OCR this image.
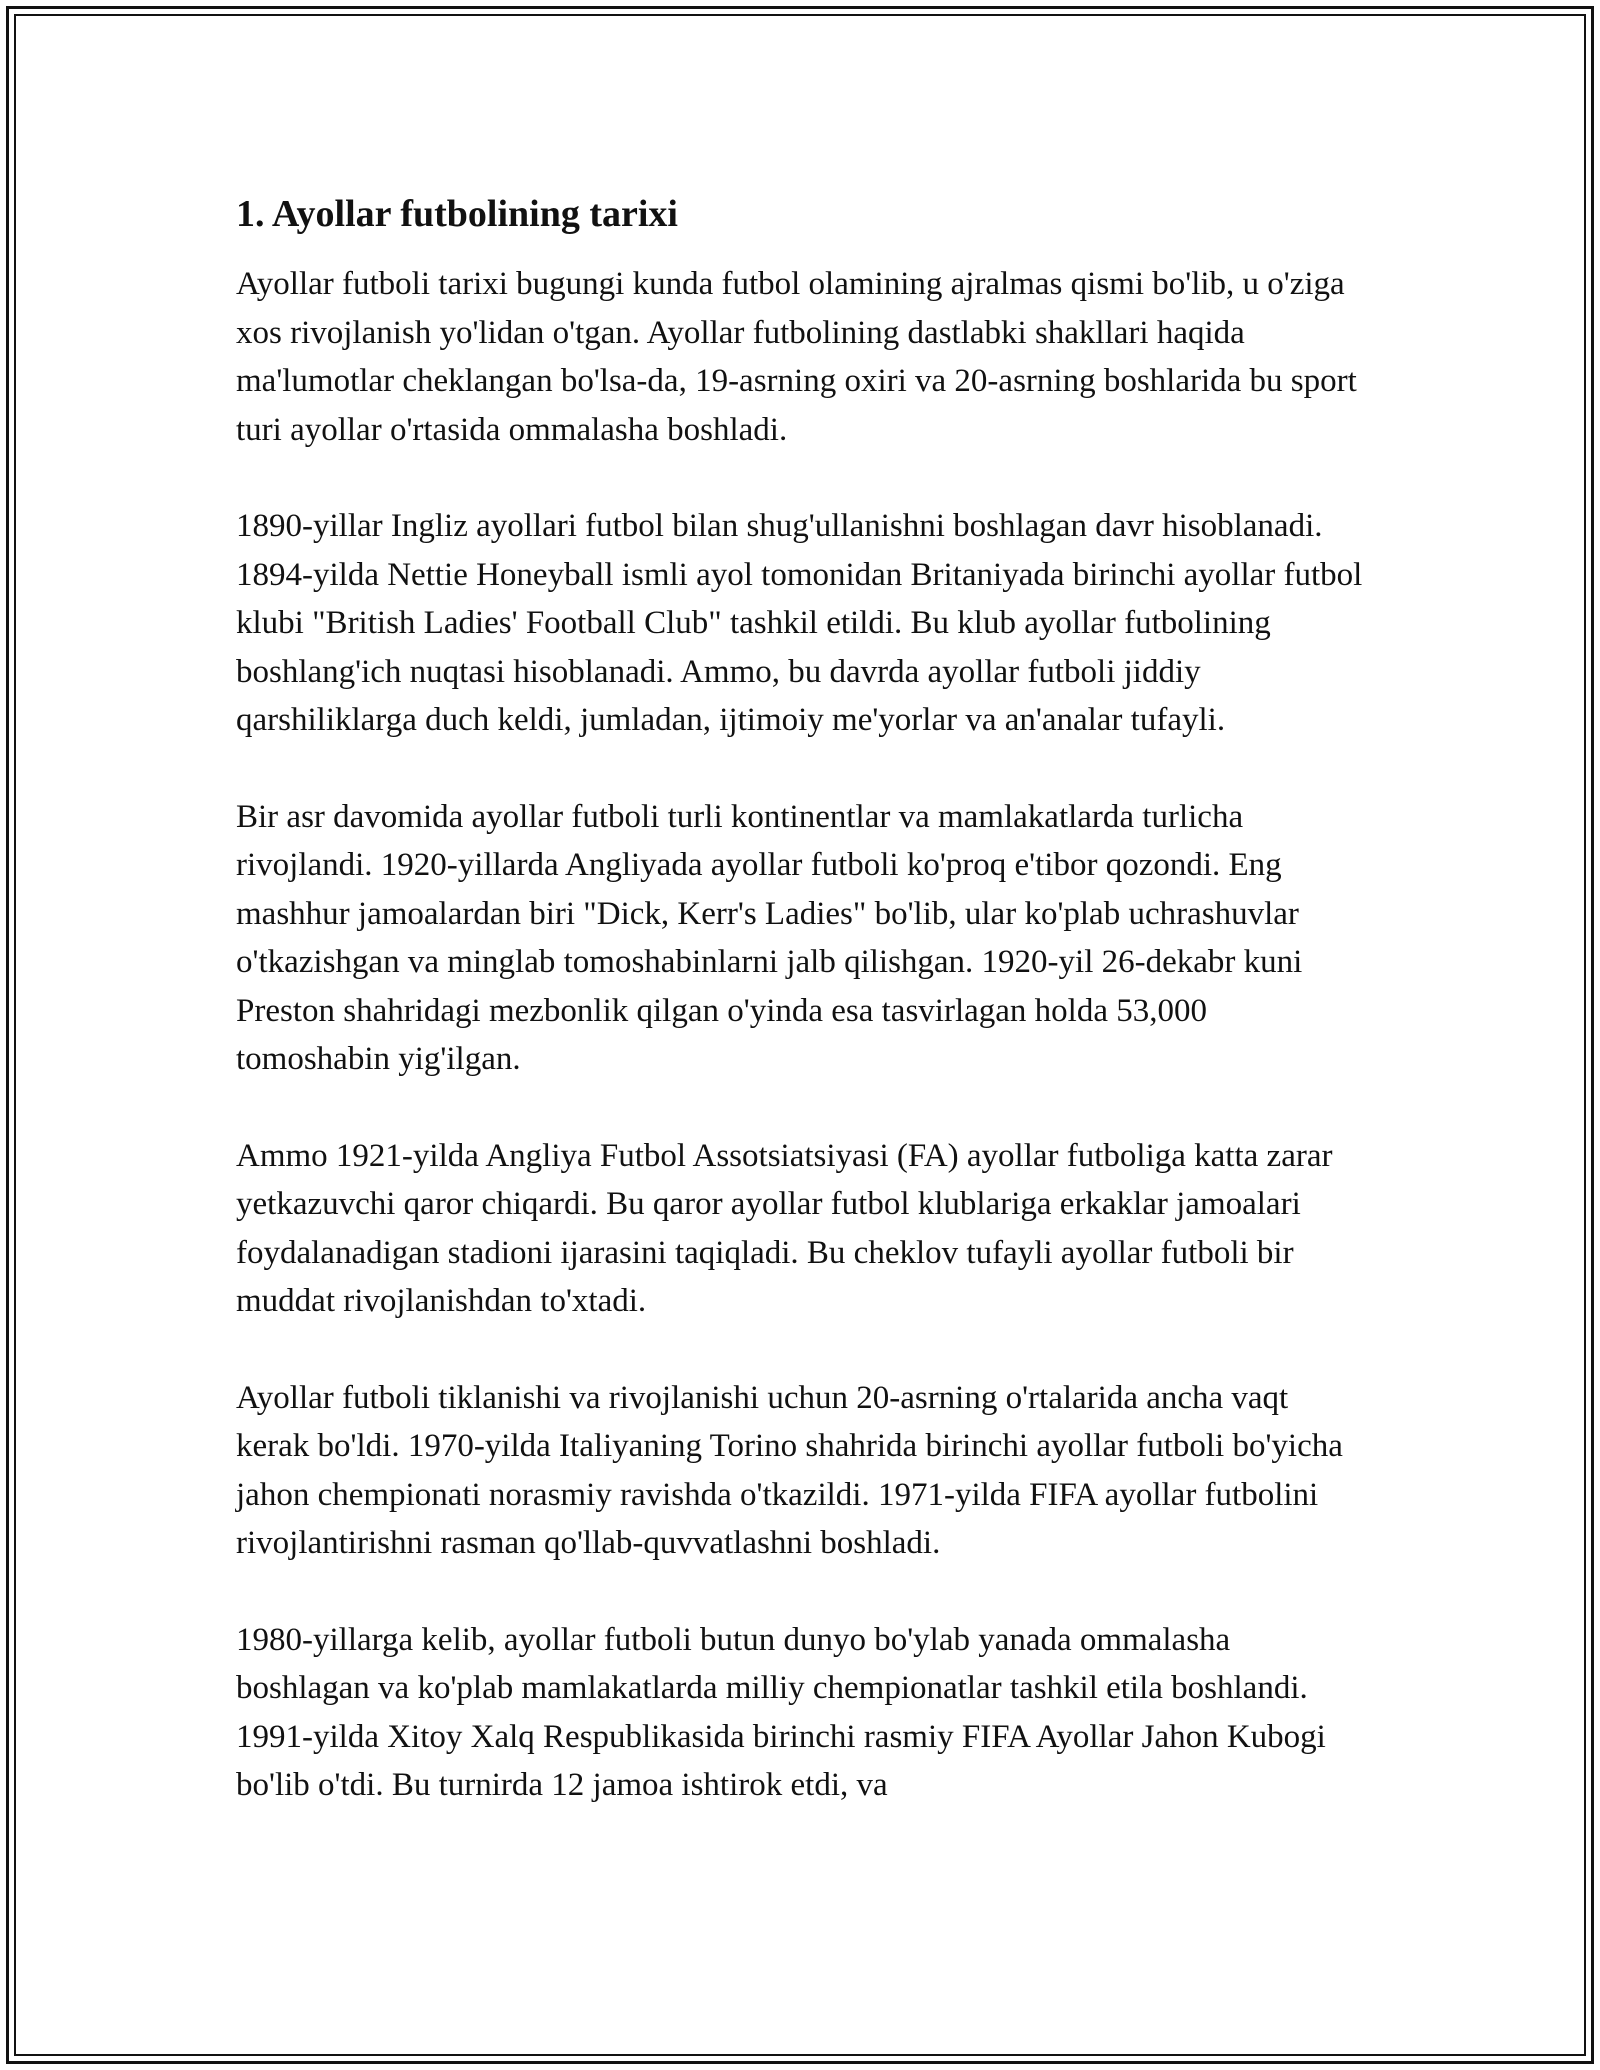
1. Ayollar futbolining tarixi

Ayollar futboli tarixi bugungi kunda futbol olamining ajralmas qismi bo'lib, u o'ziga xos rivojlanish yo'lidan o'tgan. Ayollar futbolining dastlabki shakllari haqida ma'lumotlar cheklangan bo'lsa-da, 19-asrning oxiri va 20-asrning boshlarida bu sport turi ayollar o'rtasida ommalasha boshladi.

1890-yillar Ingliz ayollari futbol bilan shug'ullanishni boshlagan davr hisoblanadi. 1894-yilda Nettie Honeyball ismli ayol tomonidan Britaniyada birinchi ayollar futbol klubi "British Ladies' Football Club" tashkil etildi. Bu klub ayollar futbolining boshlang'ich nuqtasi hisoblanadi. Ammo, bu davrda ayollar futboli jiddiy qarshiliklarga duch keldi, jumladan, ijtimoiy me'yorlar va an'analar tufayli.

Bir asr davomida ayollar futboli turli kontinentlar va mamlakatlarda turlicha rivojlandi. 1920-yillarda Angliyada ayollar futboli ko'proq e'tibor qozondi. Eng mashhur jamoalardan biri "Dick, Kerr's Ladies" bo'lib, ular ko'plab uchrashuvlar o'tkazishgan va minglab tomoshabinlarni jalb qilishgan. 1920-yil 26-dekabr kuni Preston shahridagi mezbonlik qilgan o'yinda esa tasvirlagan holda 53,000 tomoshabin yig'ilgan.

Ammo 1921-yilda Angliya Futbol Assotsiatsiyasi (FA) ayollar futboliga katta zarar yetkazuvchi qaror chiqardi. Bu qaror ayollar futbol klublariga erkaklar jamoalari foydalanadigan stadioni ijarasini taqiqladi. Bu cheklov tufayli ayollar futboli bir muddat rivojlanishdan to'xtadi.

Ayollar futboli tiklanishi va rivojlanishi uchun 20-asrning o'rtalarida ancha vaqt kerak bo'ldi. 1970-yilda Italiyaning Torino shahrida birinchi ayollar futboli bo'yicha jahon chempionati norasmiy ravishda o'tkazildi. 1971-yilda FIFA ayollar futbolini rivojlantirishni rasman qo'llab-quvvatlashni boshladi.

1980-yillarga kelib, ayollar futboli butun dunyo bo'ylab yanada ommalasha boshlagan va ko'plab mamlakatlarda milliy chempionatlar tashkil etila boshlandi. 1991-yilda Xitoy Xalq Respublikasida birinchi rasmiy FIFA Ayollar Jahon Kubogi bo'lib o'tdi. Bu turnirda 12 jamoa ishtirok etdi, va
